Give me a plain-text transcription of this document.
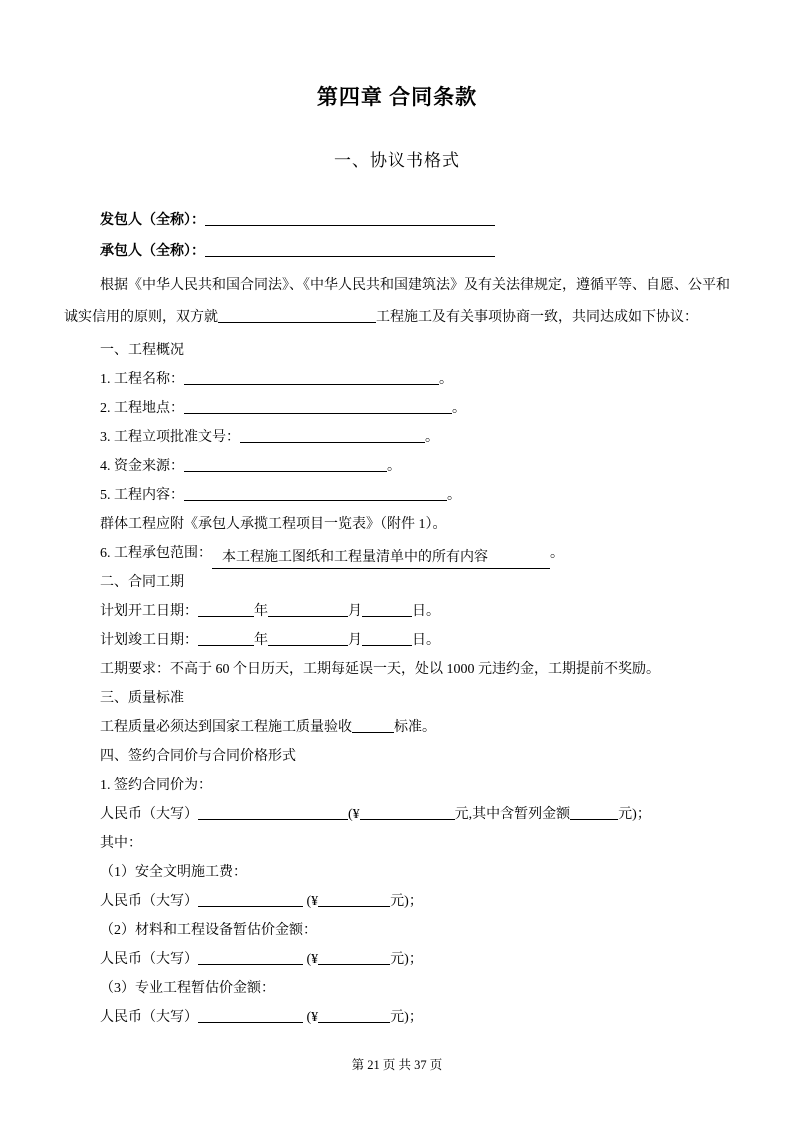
第四章 合同条款
一、协议书格式
发包人（全称）：
承包人（全称）：

根据《中华人民共和国合同法》、《中华人民共和国建筑法》及有关法律规定，遵循平等、自愿、公平和诚实信用的原则，双方就	工程施工及有关事项协商一致，共同达成如下协议：

一、工程概况
1. 工程名称：	。
2. 工程地点：	。
3. 工程立项批准文号：	。
4. 资金来源：	。
5. 工程内容：	。
群体工程应附《承包人承揽工程项目一览表》（附件 1）。
6. 工程承包范围： 本工程施工图纸和工程量清单中的所有内容	。
二、合同工期
计划开工日期：	年	月	日。
计划竣工日期：	年	月	日。
工期要求：不高于 60 个日历天，工期每延误一天，处以 1000 元违约金，工期提前不奖励。
三、质量标准
工程质量必须达到国家工程施工质量验收	标准。
四、签约合同价与合同价格形式
1. 签约合同价为：
人民币（大写）	(¥	元,其中含暂列金额	元)；
其中：
（1）安全文明施工费：
人民币（大写）	(¥	元)；
（2）材料和工程设备暂估价金额：
人民币（大写）	(¥	元)；
（3）专业工程暂估价金额：
人民币（大写）	(¥	元)；
第 21 页 共 37 页
